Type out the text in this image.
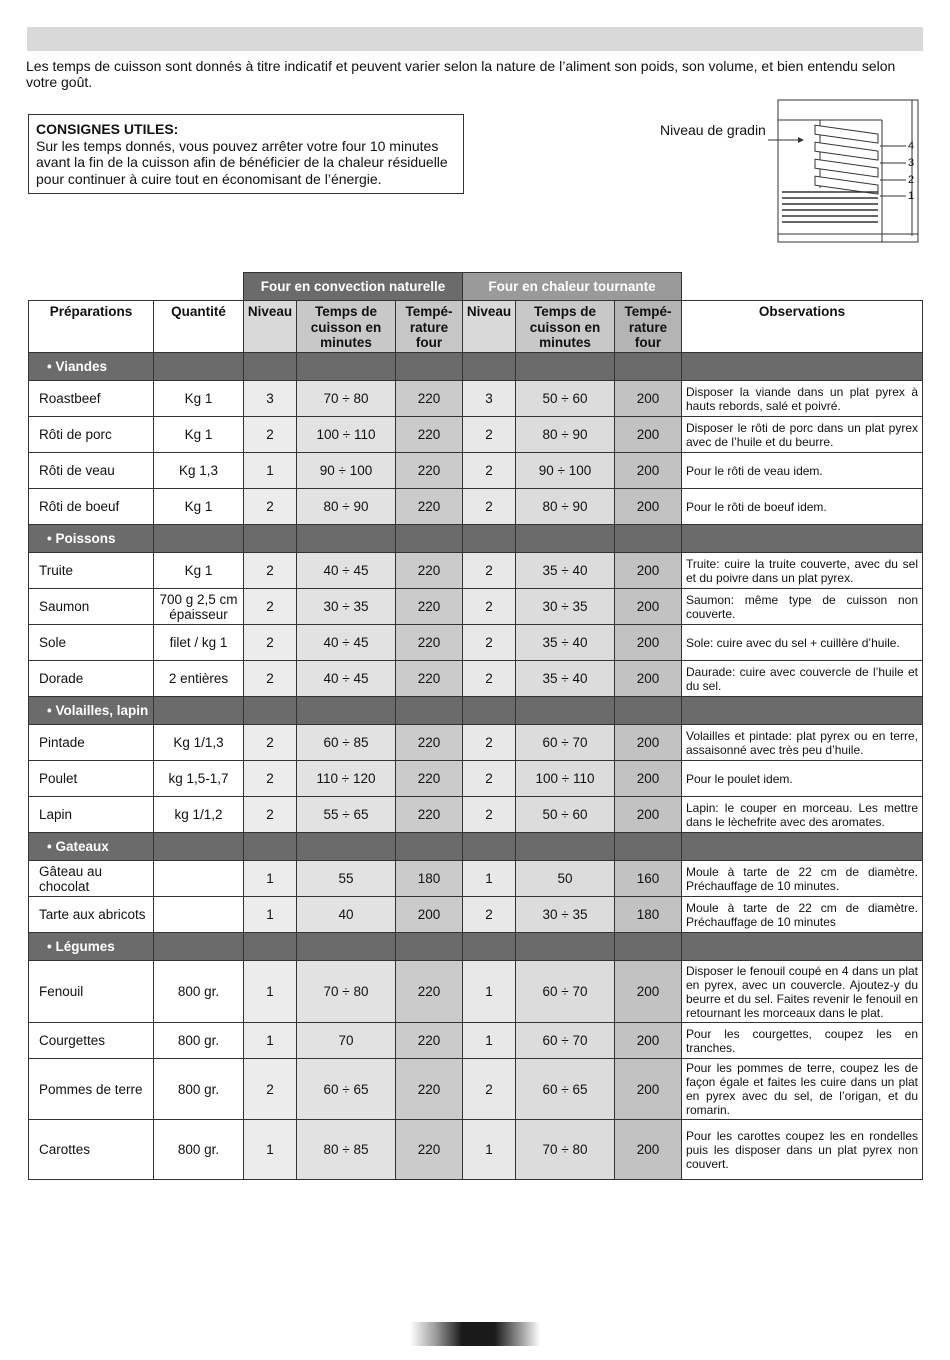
Les temps de cuisson sont donnés à titre indicatif et peuvent varier selon la nature de l’aliment son poids, son volume, et bien entendu selon votre goût.

CONSIGNES UTILES:
Sur les temps donnés, vous pouvez arrêter votre four 10 minutes avant la fin de la cuisson afin de bénéficier de la chaleur résiduelle pour continuer à cuire tout en économisant de l’énergie.
Niveau de gradin
4
3
2
1
		Four en convection naturelle			Four en chaleur tournante			
Préparations	Quantité	Niveau	Temps de cuisson en minutes	Tempé- rature four	Niveau	Temps de cuisson en minutes	Tempé- rature four	Observations
• Viandes								
Roastbeef	Kg 1	3	70 ÷ 80	220	3	50 ÷ 60	200	Disposer la viande dans un plat pyrex à hauts rebords, salé et poivré.
Rôti de porc	Kg 1	2	100 ÷ 110	220	2	80 ÷ 90	200	Disposer le rôti de porc dans un plat pyrex avec de l’huile et du beurre.
Rôti de veau	Kg 1,3	1	90 ÷ 100	220	2	90 ÷ 100	200	Pour le rôti de veau idem.
Rôti de boeuf	Kg 1	2	80 ÷ 90	220	2	80 ÷ 90	200	Pour le rôti de boeuf idem.
• Poissons								
Truite	Kg 1	2	40 ÷ 45	220	2	35 ÷ 40	200	Truite: cuire la truite couverte, avec du sel et du poivre dans un plat pyrex.
Saumon	700 g 2,5 cm épaisseur	2	30 ÷ 35	220	2	30 ÷ 35	200	Saumon: même type de cuisson non couverte.
Sole	filet / kg 1	2	40 ÷ 45	220	2	35 ÷ 40	200	Sole: cuire avec du sel + cuillère d’huile.
Dorade	2 entières	2	40 ÷ 45	220	2	35 ÷ 40	200	Daurade: cuire avec couvercle de l’huile et du sel.
• Volailles, lapin								
Pintade	Kg 1/1,3	2	60 ÷ 85	220	2	60 ÷ 70	200	Volailles et pintade: plat pyrex ou en terre, assaisonné avec très peu d’huile.
Poulet	kg 1,5-1,7	2	110 ÷ 120	220	2	100 ÷ 110	200	Pour le poulet idem.
Lapin	kg 1/1,2	2	55 ÷ 65	220	2	50 ÷ 60	200	Lapin: le couper en morceau. Les mettre dans le lèchefrite avec des aromates.
• Gateaux								
Gâteau au chocolat		1	55	180	1	50	160	Moule à tarte de 22 cm de diamètre. Préchauffage de 10 minutes.
Tarte aux abricots		1	40	200	2	30 ÷ 35	180	Moule à tarte de 22 cm de diamètre. Préchauffage de 10 minutes
• Légumes								
Fenouil	800 gr.	1	70 ÷ 80	220	1	60 ÷ 70	200	Disposer le fenouil coupé en 4 dans un plat en pyrex, avec un couvercle. Ajoutez-y du beurre et du sel. Faites revenir le fenouil en retournant les morceaux dans le plat.
Courgettes	800 gr.	1	70	220	1	60 ÷ 70	200	Pour les courgettes, coupez les en tranches.
Pommes de terre	800 gr.	2	60 ÷ 65	220	2	60 ÷ 65	200	Pour les pommes de terre, coupez les de façon égale et faites les cuire dans un plat en pyrex avec du sel, de l’origan, et du romarin.
Carottes	800 gr.	1	80 ÷ 85	220	1	70 ÷ 80	200	Pour les carottes coupez les en rondelles puis les disposer dans un plat pyrex non couvert.
